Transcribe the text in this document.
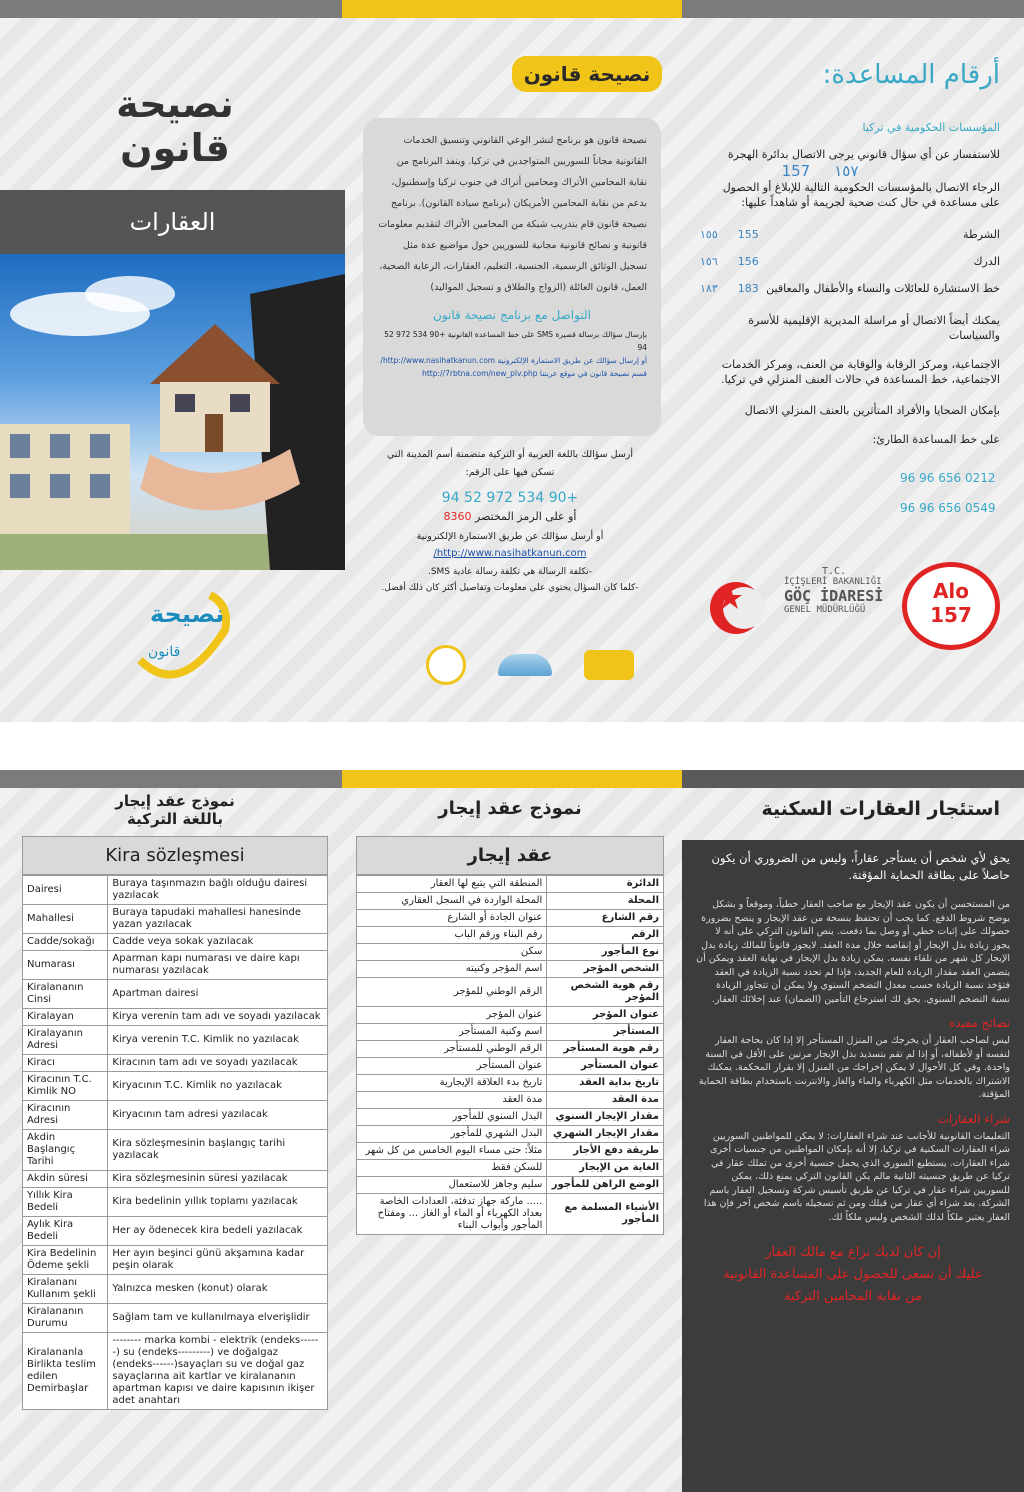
أرقام المساعدة:
المؤسسات الحكومية في تركيا
للاستفسار عن أي سؤال قانوني يرجى الاتصال بدائرة الهجرة
١٥٧
157
الرجاء الاتصال بالمؤسسات الحكومية التالية للإبلاغ أو الحصول على مساعدة في حال كنت ضحية لجريمة أو شاهداً عليها:
الشرطة
155
١٥٥
الدرك
156
١٥٦
خط الاستشارة للعائلات والنساء والأطفال والمعاقين
183
١٨٣
يمكنك أيضاً الاتصال أو مراسلة المديرية الإقليمية للأسرة والسياسات
الاجتماعية، ومركز الرقابة والوقاية من العنف، ومركز الخدمات الاجتماعية، خط المساعدة في حالات العنف المنزلي في تركيا.
بإمكان الضحايا والأفراد المتأثرين بالعنف المنزلي الاتصال
على خط المساعدة الطارئ:
0212 656 96 96
0549 656 96 96
Alo
157
T.C.
İÇİŞLERİ BAKANLIĞI
GÖÇ İDARESİ
GENEL MÜDÜRLÜĞÜ
نصيحة قانون
نصيحة قانون هو برنامج لنشر الوعي القانوني وتنسيق الخدمات القانونية مجاناً للسوريين المتواجدين في تركيا. وينفذ البرنامج من نقابة المحامين الأتراك ومحامين أتراك في جنوب تركيا وإسطنبول، بدعم من نقابة المحامين الأمريكان (برنامج سيادة القانون). برنامج نصيحة قانون قام بتدريب شبكة من المحامين الأتراك لتقديم معلومات قانونية و نصائح قانونية مجانية للسوريين حول مواضيع عدة مثل تسجيل الوثائق الرسمية، الجنسية، التعليم، العقارات، الرعاية الصحية، العمل، قانون العائلة (الزواج والطلاق و تسجيل المواليد)
التواصل مع برنامج نصيحة قانون
بإرسال سؤالك برسالة قصيرة SMS على خط المساعدة القانونية +90 534 972 52 94
أو إرسال سؤالك عن طريق الاستمارة الإلكترونية http://www.nasihatkanun.com/
قسم نصيحة قانون في موقع عربتنا http://7rbtna.com/new_plv.php
أرسل سؤالك باللغة العربية أو التركية متضمنة أسم المدينة التي تسكن فيها على الرقم:
+90 534 972 52 94
أو على الرمز المختصر 8360
أو أرسل سؤالك عن طريق الاستمارة الإلكترونية
http://www.nasihatkanun.com/
-تكلفة الرسالة هي تكلفة رسالة عادية SMS.
-كلما كان السؤال يحتوي على معلومات وتفاصيل أكثر كان ذلك أفضل.
نصيحة قانون
العقارات
نصيحة
قانون
نموذج عقد إيجار
باللغة التركية
Kira sözleşmesi
Dairesi	Buraya taşınmazın bağlı olduğu dairesi yazılacak
Mahallesi	Buraya tapudaki mahallesi hanesinde yazan yazılacak
Cadde/sokağı	Cadde veya sokak yazılacak
Numarası	Aparman kapı numarası ve daire kapı numarası yazılacak
Kiralananın Cinsi	Apartman dairesi
Kiralayan	Kirya verenin tam adı ve soyadı yazılacak
Kiralayanın Adresi	Kirya verenin T.C. Kimlik no yazılacak
Kiracı	Kiracının tam adı ve soyadı yazılacak
Kiracının T.C. Kimlik NO	Kiryacının T.C. Kimlik no yazılacak
Kiracının Adresi	Kiryacının tam adresi yazılacak
Akdin Başlangıç Tarihi	Kira sözleşmesinin başlangıç tarihi yazılacak
Akdin süresi	Kira sözleşmesinin süresi yazılacak
Yıllık Kira Bedeli	Kira bedelinin yıllık toplamı yazılacak
Aylık Kira Bedeli	Her ay ödenecek kira bedeli yazılacak
Kira Bedelinin Ödeme şekli	Her ayın beşinci günü akşamına kadar peşin olarak
Kiralananı Kullanım şekli	Yalnızca mesken (konut) olarak
Kiralananın Durumu	Sağlam tam ve kullanılmaya elverişlidir
Kiralananla Birlikta teslim edilen Demirbaşlar	-------- marka kombi - elektrik (endeks------) su (endeks---------) ve doğalgaz (endeks------)sayaçları su ve doğal gaz sayaçlarına ait kartlar ve kiralananın apartman kapısı ve daire kapısının ikişer adet anahtarı
نموذج عقد إيجار
عقد إيجار
الدائرة	المنطقة التي يتبع لها العقار
المحلة	المحلة الواردة في السجل العقاري
رقم الشارع	عنوان الجادة أو الشارع
الرقم	رقم البناء ورقم الباب
نوع المأجور	سكن
الشخص المؤجر	اسم المؤجر وكنيته
رقم هوية الشخص المؤجر	الرقم الوطني للمؤجر
عنوان المؤجر	عنوان المؤجر
المستأجر	اسم وكنية المستأجر
رقم هوية المستأجر	الرقم الوطني للمستأجر
عنوان المستأجر	عنوان المستأجر
تاريخ بداية العقد	تاريخ بدء العلاقة الإيجارية
مدة العقد	مدة العقد
مقدار الإيجار السنوي	البدل السنوي للمأجور
مقدار الإيجار الشهري	البدل الشهري للمأجور
طريقة دفع الأجار	مثلاً: حتى مساء اليوم الخامس من كل شهر
الغاية من الإيجار	للسكن فقط
الوضع الراهن للمأجور	سليم وجاهز للاستعمال
الأشياء المسلمة مع المأجور	..... ماركة جهاز تدفئة، العدادات الخاصة بعداد الكهرباء أو الماء أو الغاز ... ومفتاح المأجور وأبواب البناء
استئجار العقارات السكنية
يحق لأي شخص أن يستأجر عقاراً، وليس من الضروري أن يكون حاصلاً على بطاقة الحماية المؤقتة.
من المستحسن أن يكون عقد الإيجار مع صاحب العقار خطياً، وموقعاً و بشكل يوضح شروط الدفع. كما يجب أن تحتفظ بنسخة من عقد الإيجار و ينصح بضرورة حصولك على إثبات خطي أو وصل بما دفعت. ينص القانون التركي على أنه لا يجوز زيادة بدل الإيجار أو إنقاصه خلال مدة العقد. لايجوز قانوناً للمالك زيادة بدل الإيجار كل شهر من تلقاء نفسه. يمكن زيادة بدل الإيجار في نهاية العقد ويمكن أن يتضمن العقد مقدار الزيادة للعام الجديد، فإذا لم تحدد نسبة الزيادة في العقد فتؤخذ نسبة الزيادة حسب معدل التضخم السنوي ولا يمكن أن تتجاوز الزيادة نسبة التضخم السنوي. يحق لك استرجاع التأمين (الضمان) عند إخلائك العقار.
نصائح مفيدة
ليس لصاحب العقار أن يخرجك من المنزل المستأجر إلا إذا كان بحاجة العقار لنفسه أو لأطفاله، أو إذا لم تقم بتسديد بدل الإيجار مرتين على الأقل في السنة واحدة. وفي كل الأحوال لا يمكن إخراجك من المنزل إلا بقرار المحكمة. يمكنك الاشتراك بالخدمات مثل الكهرباء والماء والغاز والانترنت باستخدام بطاقة الحماية المؤقتة.
شراء العقارات
التعليمات القانونية للأجانب عند شراء العقارات: لا يمكن للمواطنين السوريين شراء العقارات السكنية في تركيا، إلا أنه بإمكان المواطنين من جنسيات أخرى شراء العقارات. يستطيع السوري الذي يحمل جنسية أخرى من تملك عقار في تركيا عن طريق جنسيته الثانية مالم يكن القانون التركي يمنع ذلك. يمكن للسوريين شراء عقار في تركيا عن طريق تأسيس شركة وتسجيل العقار باسم الشركة. بعد شراء أي عقار من قبلك ومن ثم تسجيله باسم شخص آخر فإن هذا العقار يعتبر ملكاً لذلك الشخص وليس ملكاً لك.
إن كان لديك نزاع مع مالك العقار
عليك أن تسعى للحصول على المساعدة القانونية
من نقابة المحامين التركية
